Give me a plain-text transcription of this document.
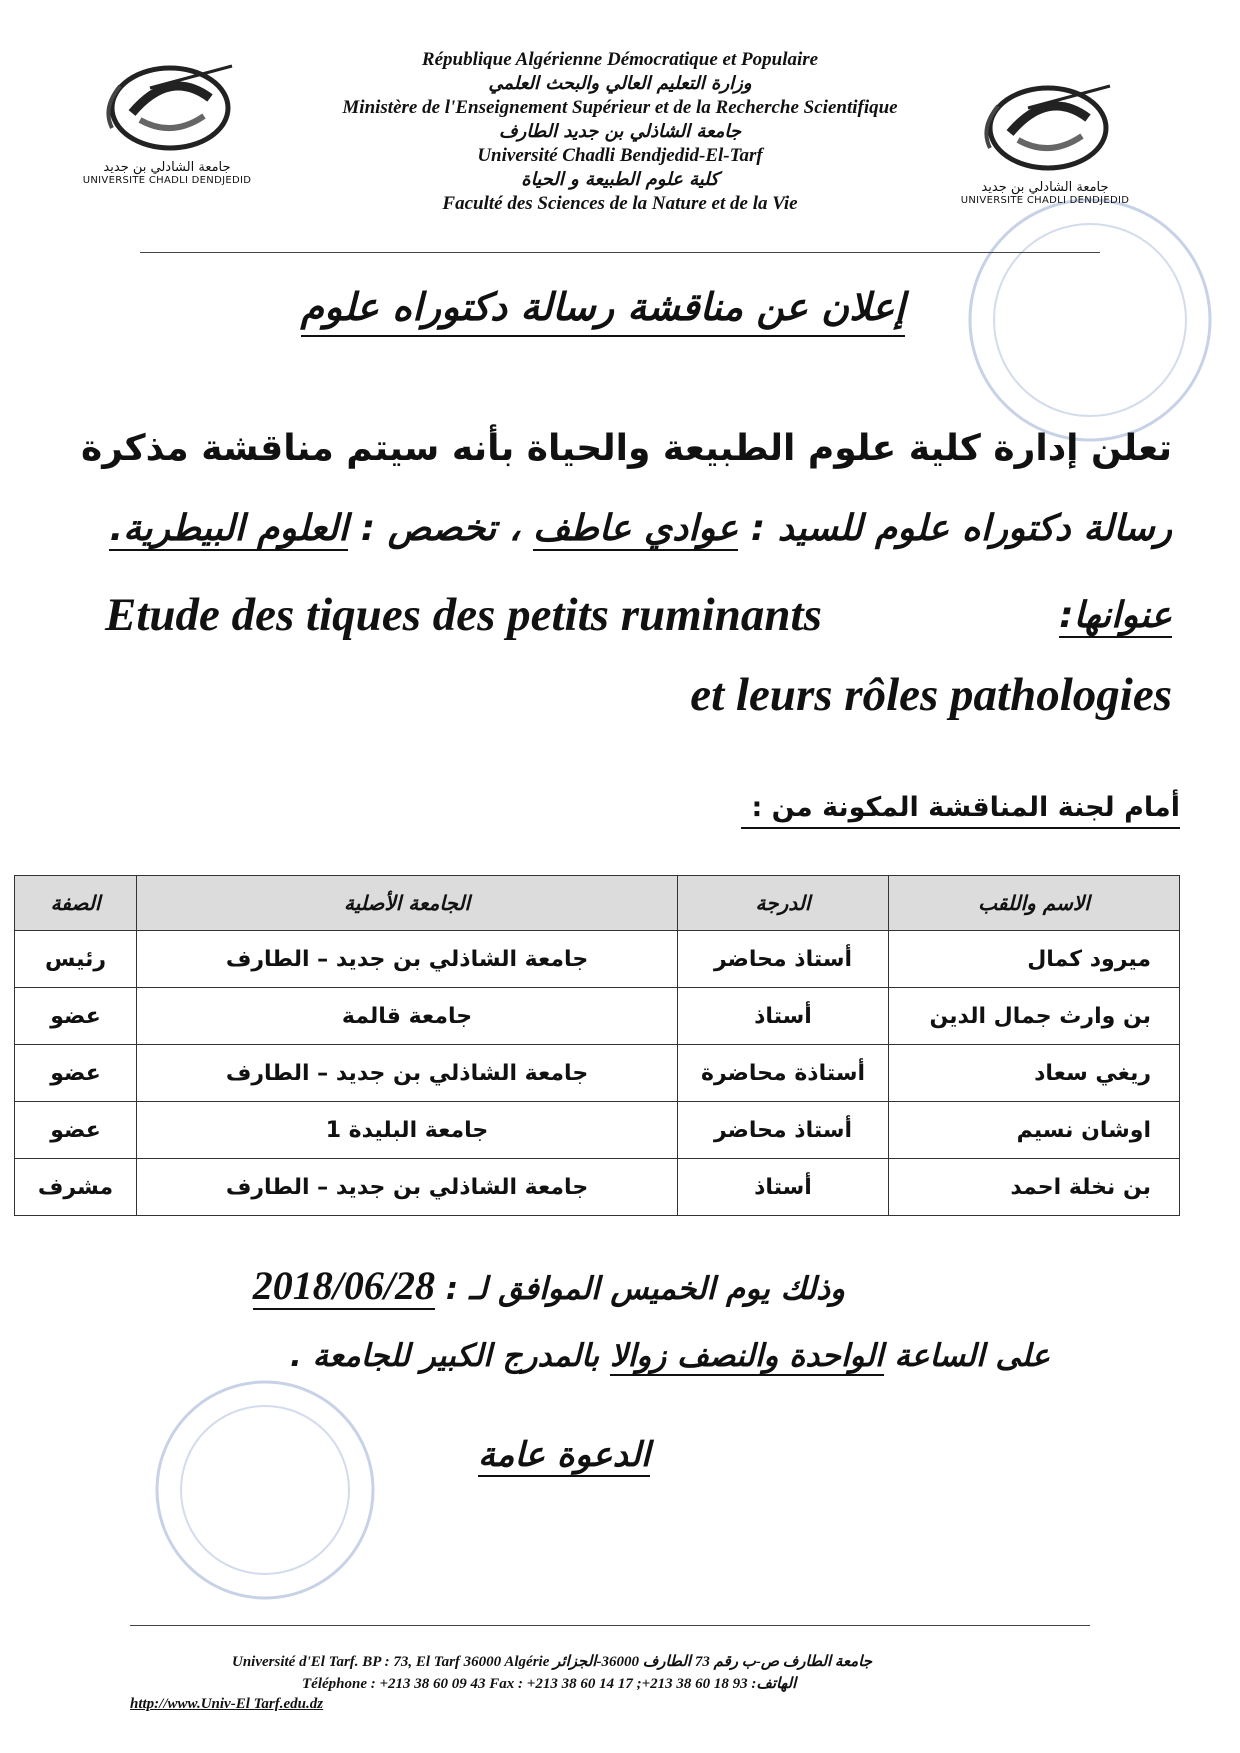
جامعة الشادلي بن جديد
UNIVERSITE CHADLI DENDJEDID	جامعة الشادلي بن جديد
UNIVERSITE CHADLI DENDJEDID
République Algérienne Démocratique et Populaire
وزارة التعليم العالي والبحث العلمي
Ministère de l'Enseignement Supérieur et de la Recherche Scientifique
جامعة الشاذلي بن جديد الطارف
Université Chadli Bendjedid-El-Tarf
كلية علوم الطبيعة و الحياة
Faculté des Sciences de la Nature et de la Vie
إعلان عن مناقشة رسالة دكتوراه علوم
تعلن إدارة كلية علوم الطبيعة والحياة بأنه سيتم مناقشة مذكرة
رسالة دكتوراه علوم للسيد : عوادي عاطف ، تخصص : العلوم البيطرية.
عنوانها:
Etude des tiques des petits ruminants
et leurs rôles pathologies
أمام لجنة المناقشة المكونة من :
الاسم واللقب	الدرجة	الجامعة الأصلية	الصفة
ميرود كمال	أستاذ محاضر	جامعة الشاذلي بن جديد – الطارف	رئيس
بن وارث جمال الدين	أستاذ	جامعة قالمة	عضو
ريغي سعاد	أستاذة محاضرة	جامعة الشاذلي بن جديد – الطارف	عضو
اوشان نسيم	أستاذ محاضر	جامعة البليدة 1	عضو
بن نخلة احمد	أستاذ	جامعة الشاذلي بن جديد – الطارف	مشرف
وذلك يوم الخميس الموافق لـ : 2018/06/28
على الساعة الواحدة والنصف زوالا بالمدرج الكبير للجامعة .
الدعوة عامة
Université d'El Tarf. BP : 73, El Tarf 36000 Algérie جامعة الطارف ص-ب رقم 73 الطارف 36000-الجزائر
Téléphone : +213 38 60 09 43 Fax : +213 38 60 14 17 ;+213 38 60 18 93 :الهاتف
http://www.Univ-El Tarf.edu.dz
